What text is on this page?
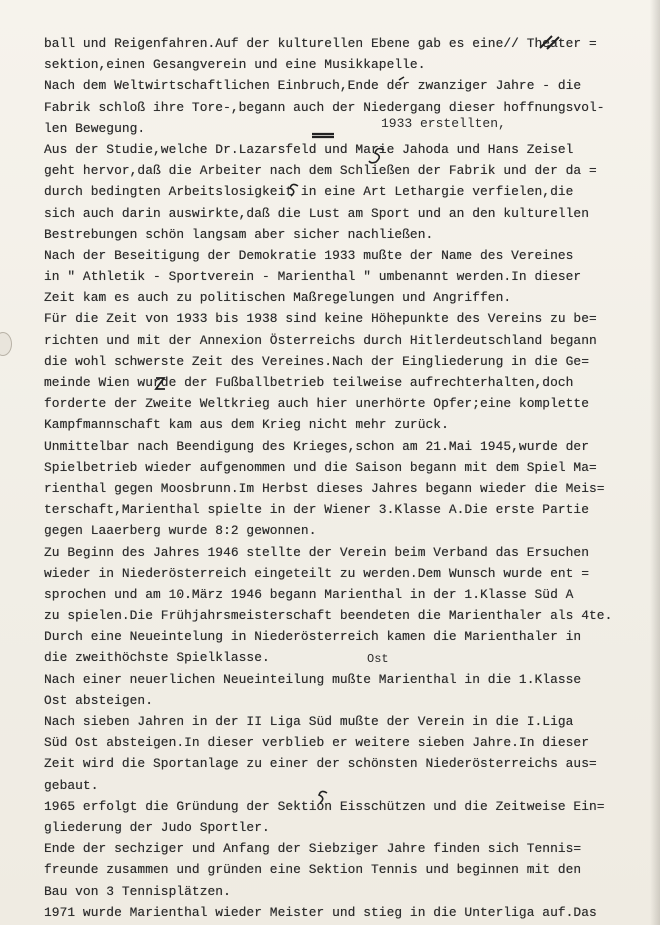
ball und Reigenfahren.Auf der kulturellen Ebene gab es eine// Theater =
sektion,einen Gesangverein und eine Musikkapelle.
Nach dem Weltwirtschaftlichen Einbruch,Ende der zwanziger Jahre - die
Fabrik schloß ihre Tore-,begann auch der Niedergang dieser hoffnungsvol-
len Bewegung.
Aus der Studie,welche Dr.Lazarsfeld und Marie Jahoda und Hans Zeisel
geht hervor,daß die Arbeiter nach dem Schließen der Fabrik und der da =
durch bedingten Arbeitslosigkeit in eine Art Lethargie verfielen,die
sich auch darin auswirkte,daß die Lust am Sport und an den kulturellen
Bestrebungen schön langsam aber sicher nachließen.
Nach der Beseitigung der Demokratie 1933 mußte der Name des Vereines
in " Athletik - Sportverein - Marienthal " umbenannt werden.In dieser
Zeit kam es auch zu politischen Maßregelungen und Angriffen.
Für die Zeit von 1933 bis 1938 sind keine Höhepunkte des Vereins zu be=
richten und mit der Annexion Österreichs durch Hitlerdeutschland begann
die wohl schwerste Zeit des Vereines.Nach der Eingliederung in die Ge=
meinde Wien wurde der Fußballbetrieb teilweise aufrechterhalten,doch
forderte der Zweite Weltkrieg auch hier unerhörte Opfer;eine komplette
Kampfmannschaft kam aus dem Krieg nicht mehr zurück.
Unmittelbar nach Beendigung des Krieges,schon am 21.Mai 1945,wurde der
Spielbetrieb wieder aufgenommen und die Saison begann mit dem Spiel Ma=
rienthal gegen Moosbrunn.Im Herbst dieses Jahres begann wieder die Meis=
terschaft,Marienthal spielte in der Wiener 3.Klasse A.Die erste Partie
gegen Laaerberg wurde 8:2 gewonnen.
Zu Beginn des Jahres 1946 stellte der Verein beim Verband das Ersuchen
wieder in Niederösterreich eingeteilt zu werden.Dem Wunsch wurde ent =
sprochen und am 10.März 1946 begann Marienthal in der 1.Klasse Süd A
zu spielen.Die Frühjahrsmeisterschaft beendeten die Marienthaler als 4te.
Durch eine Neueintelung in Niederösterreich kamen die Marienthaler in
die zweithöchste Spielklasse.
Nach einer neuerlichen Neueinteilung mußte Marienthal in die 1.Klasse
Ost absteigen.
Nach sieben Jahren in der II Liga Süd mußte der Verein in die I.Liga
Süd Ost absteigen.In dieser verblieb er weitere sieben Jahre.In dieser
Zeit wird die Sportanlage zu einer der schönsten Niederösterreichs aus=
gebaut.
1965 erfolgt die Gründung der Sektion Eisschützen und die Zeitweise Ein=
gliederung der Judo Sportler.
Ende der sechziger und Anfang der Siebziger Jahre finden sich Tennis=
freunde zusammen und gründen eine Sektion Tennis und beginnen mit den
Bau von 3 Tennisplätzen.
1971 wurde Marienthal wieder Meister und stieg in die Unterliga auf.Das
1933 erstellten,
Ost
